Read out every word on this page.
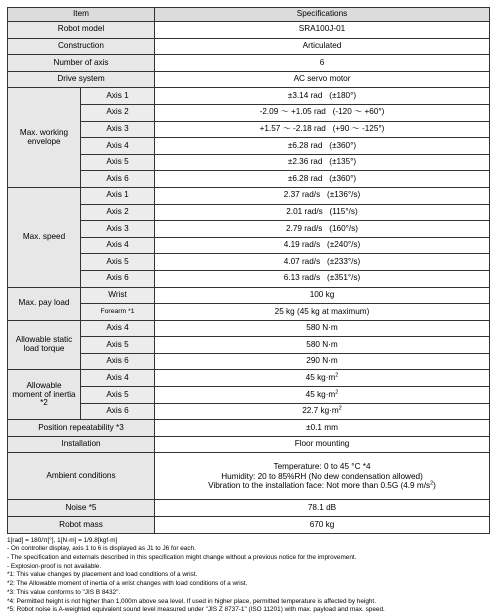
Item		Specifications
Robot model		SRA100J-01
Construction		Articulated
Number of axis		6
Drive system		AC servo motor
Max. working envelope	Axis 1	±3.14 rad (±180°)
	Axis 2	-2.09 ～ +1.05 rad (-120 ～ +60°)
	Axis 3	+1.57 ～ -2.18 rad (+90 ～ -125°)
	Axis 4	±6.28 rad (±360°)
	Axis 5	±2.36 rad (±135°)
	Axis 6	±6.28 rad (±360°)
Max. speed	Axis 1	2.37 rad/s (±136°/s)
	Axis 2	2.01 rad/s (115°/s)
	Axis 3	2.79 rad/s (160°/s)
	Axis 4	4.19 rad/s (±240°/s)
	Axis 5	4.07 rad/s (±233°/s)
	Axis 6	6.13 rad/s (±351°/s)
Max. pay load	Wrist	100 kg
	Forearm *1	25 kg (45 kg at maximum)
Allowable static load torque	Axis 4	580 N·m
	Axis 5	580 N·m
	Axis 6	290 N·m
Allowable
moment of inertia
*2	Axis 4	45 $kg\cdot m^2$
	Axis 5	45 $kg\cdot m^2$
	Axis 6	22.7 $kg\cdot m^2$
Position repeatability *3		±0.1 mm
Installation		Floor mounting
Ambient conditions		Temperature: 0 to 45 °C *4
Humidity: 20 to 85%RH (No dew condensation allowed)
Vibration to the installation face: Not more than 0.5G (4.9 $m/s^2$)

Noise *5		78.1 dB
Robot mass		670 kg
1[rad] = 180/π[°], 1[N·m] = 1/9.8[kgf·m]
- On controller display, axis 1 to 6 is displayed as J1 to J6 for each.
- The specification and externals described in this specification might change without a previous notice for the improvement.
- Explosion-proof is not available.
*1: This value changes by placement and load conditions of a wrist.
*2: The Allowable moment of inertia of a wrist changes with load conditions of a wrist.
*3: This value conforms to "JIS B 8432".
*4: Permitted height is not higher than 1,000m above sea level. If used in higher place, permitted temperature is affected by height.
*5: Robot noise is A-weighted equivalent sound level measured under "JIS Z 8737-1" (ISO 11201) with max. payload and max. speed.
